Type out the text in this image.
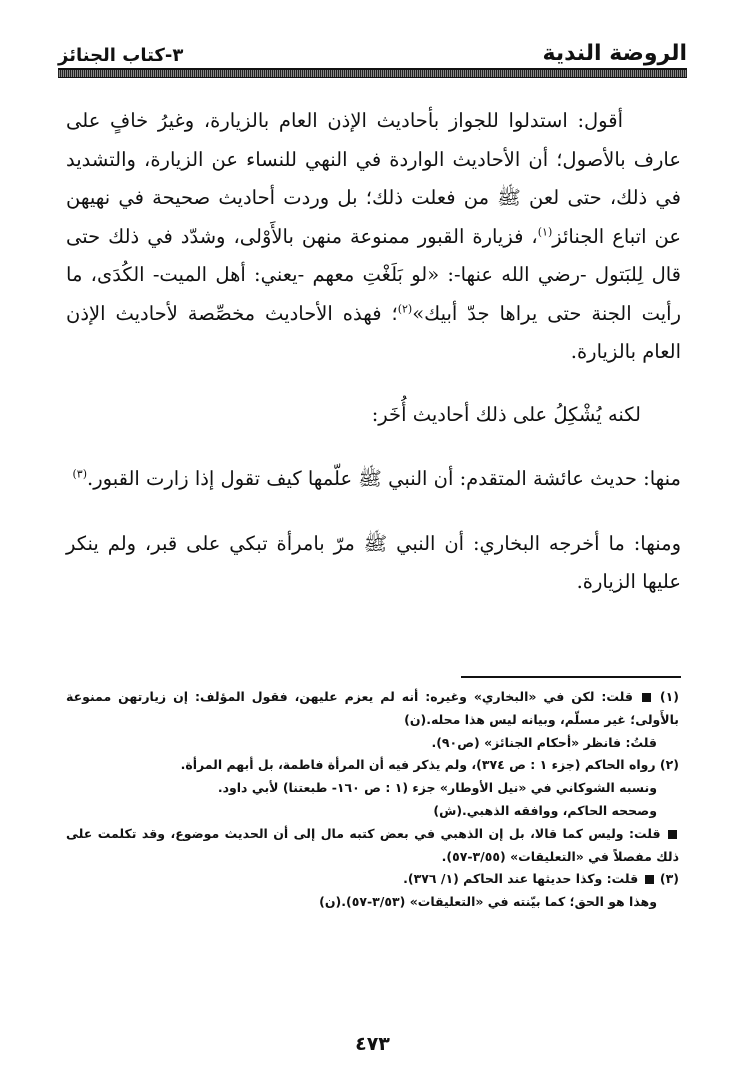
الروضة الندية
٣-كتاب الجنائز

أقول: استدلوا للجواز بأحاديث الإذن العام بالزيارة، وغيرُ خافٍ على عارف بالأصول؛ أن الأحاديث الواردة في النهي للنساء عن الزيارة، والتشديد في ذلك، حتى لعن ﷺ من فعلت ذلك؛ بل وردت أحاديث صحيحة في نهيهن عن اتباع الجنائز$^{(١)}$، فزيارة القبور ممنوعة منهن بالأَوْلى، وشدّد في ذلك حتى قال لِلبَتول -رضي الله عنها-: «لو بَلَغْتِ معهم -يعني: أهل الميت- الكُدَى، ما رأيت الجنة حتى يراها جدّ أبيك»$^{(٢)}$؛ فهذه الأحاديث مخصِّصة لأحاديث الإذن العام بالزيارة.

لكنه يُشْكِلُ على ذلك أحاديث أُخَر:

منها: حديث عائشة المتقدم: أن النبي ﷺ علّمها كيف تقول إذا زارت القبور.$^{(٣)}$

ومنها: ما أخرجه البخاري: أن النبي ﷺ مرّ بامرأة تبكي على قبر، ولم ينكر عليها الزيارة.

(١)  قلت: لكن في «البخاري» وغيره: أنه لم يعزم عليهن، فقول المؤلف: إن زيارتهن ممنوعة بالأَولى؛ غير مسلّم، وبيانه ليس هذا محله.(ن)

قلتُ: فانظر «أحكام الجنائز» (ص٩٠).

(٢) رواه الحاكم (جزء ١ : ص ٣٧٤)، ولم يذكر فيه أن المرأة فاطمة، بل أبهم المرأة.

ونسبه الشوكاني في «نيل الأوطار» جزء (١ : ص ١٦٠- طبعتنا) لأبي داود.

وصححه الحاكم، ووافقه الذهبي.(ش)

قلت: وليس كما قالا، بل إن الذهبي في بعض كتبه مال إلى أن الحديث موضوع، وقد تكلمت على ذلك مفصلاً في «التعليقات» (٣/٥٥-٥٧).

(٣)  قلت: وكذا حديثها عند الحاكم (١/ ٣٧٦).

وهذا هو الحق؛ كما بيّنته في «التعليقات» (٣/٥٣-٥٧).(ن)

٤٧٣
